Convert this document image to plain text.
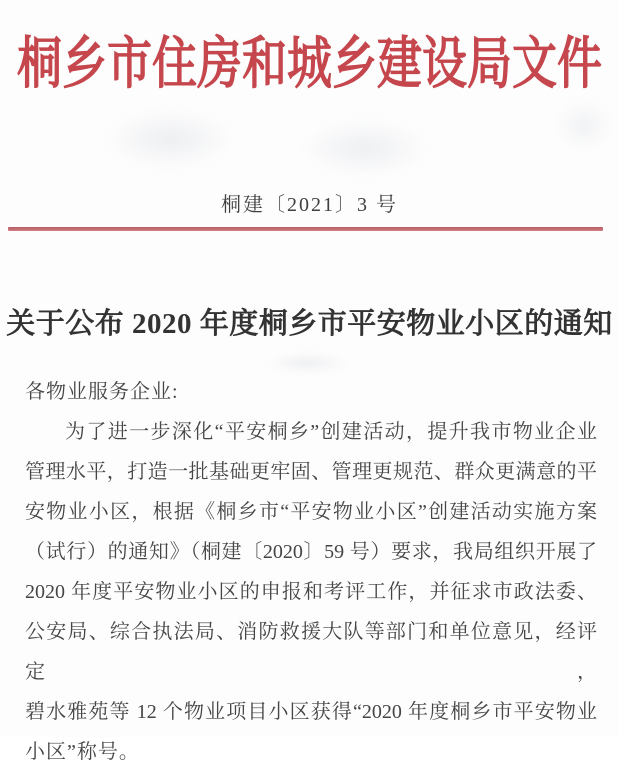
桐乡市住房和城乡建设局文件
桐建〔2021〕3 号
关于公布 2020 年度桐乡市平安物业小区的通知
各物业服务企业:
为了进一步深化“平安桐乡”创建活动，提升我市物业企业
管理水平，打造一批基础更牢固、管理更规范、群众更满意的平
安物业小区，根据《桐乡市“平安物业小区”创建活动实施方案
（试行）的通知》（桐建〔2020〕59 号）要求，我局组织开展了
2020 年度平安物业小区的申报和考评工作，并征求市政法委、
公安局、综合执法局、消防救援大队等部门和单位意见，经评定，
碧水雅苑等 12 个物业项目小区获得“2020 年度桐乡市平安物业
小区”称号。
